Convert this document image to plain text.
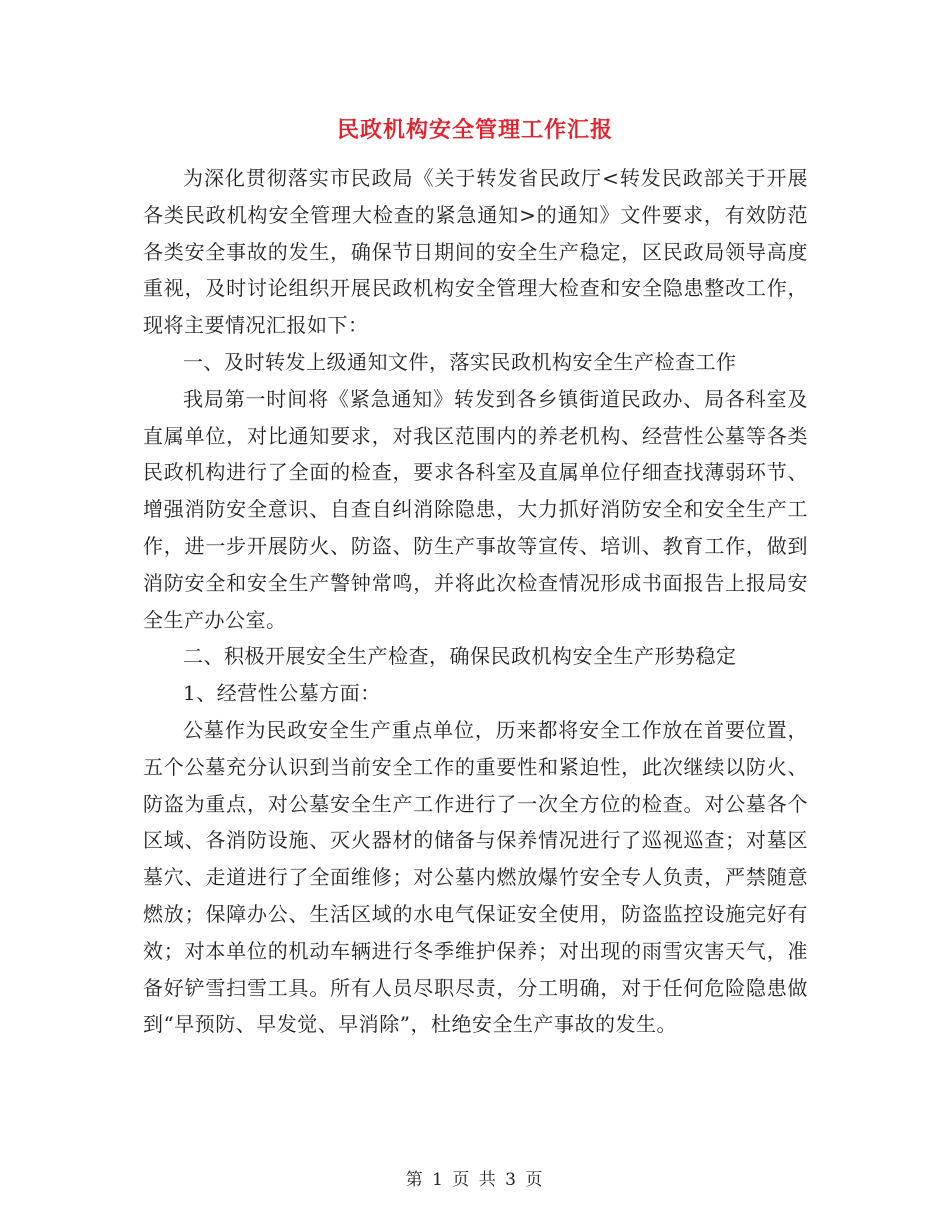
民政机构安全管理工作汇报

为深化贯彻落实市民政局《关于转发省民政厅<转发民政部关于开展各类民政机构安全管理大检查的紧急通知>的通知》文件要求，有效防范各类安全事故的发生，确保节日期间的安全生产稳定，区民政局领导高度重视，及时讨论组织开展民政机构安全管理大检查和安全隐患整改工作，现将主要情况汇报如下：

一、及时转发上级通知文件，落实民政机构安全生产检查工作

我局第一时间将《紧急通知》转发到各乡镇街道民政办、局各科室及直属单位，对比通知要求，对我区范围内的养老机构、经营性公墓等各类民政机构进行了全面的检查，要求各科室及直属单位仔细查找薄弱环节、增强消防安全意识、自查自纠消除隐患，大力抓好消防安全和安全生产工作，进一步开展防火、防盗、防生产事故等宣传、培训、教育工作，做到消防安全和安全生产警钟常鸣，并将此次检查情况形成书面报告上报局安全生产办公室。

二、积极开展安全生产检查，确保民政机构安全生产形势稳定

1、经营性公墓方面：

公墓作为民政安全生产重点单位，历来都将安全工作放在首要位置，五个公墓充分认识到当前安全工作的重要性和紧迫性，此次继续以防火、防盗为重点，对公墓安全生产工作进行了一次全方位的检查。对公墓各个区域、各消防设施、灭火器材的储备与保养情况进行了巡视巡查；对墓区墓穴、走道进行了全面维修；对公墓内燃放爆竹安全专人负责，严禁随意燃放；保障办公、生活区域的水电气保证安全使用，防盗监控设施完好有效；对本单位的机动车辆进行冬季维护保养；对出现的雨雪灾害天气，准备好铲雪扫雪工具。所有人员尽职尽责，分工明确，对于任何危险隐患做到“早预防、早发觉、早消除”，杜绝安全生产事故的发生。

第 1 页 共 3 页
